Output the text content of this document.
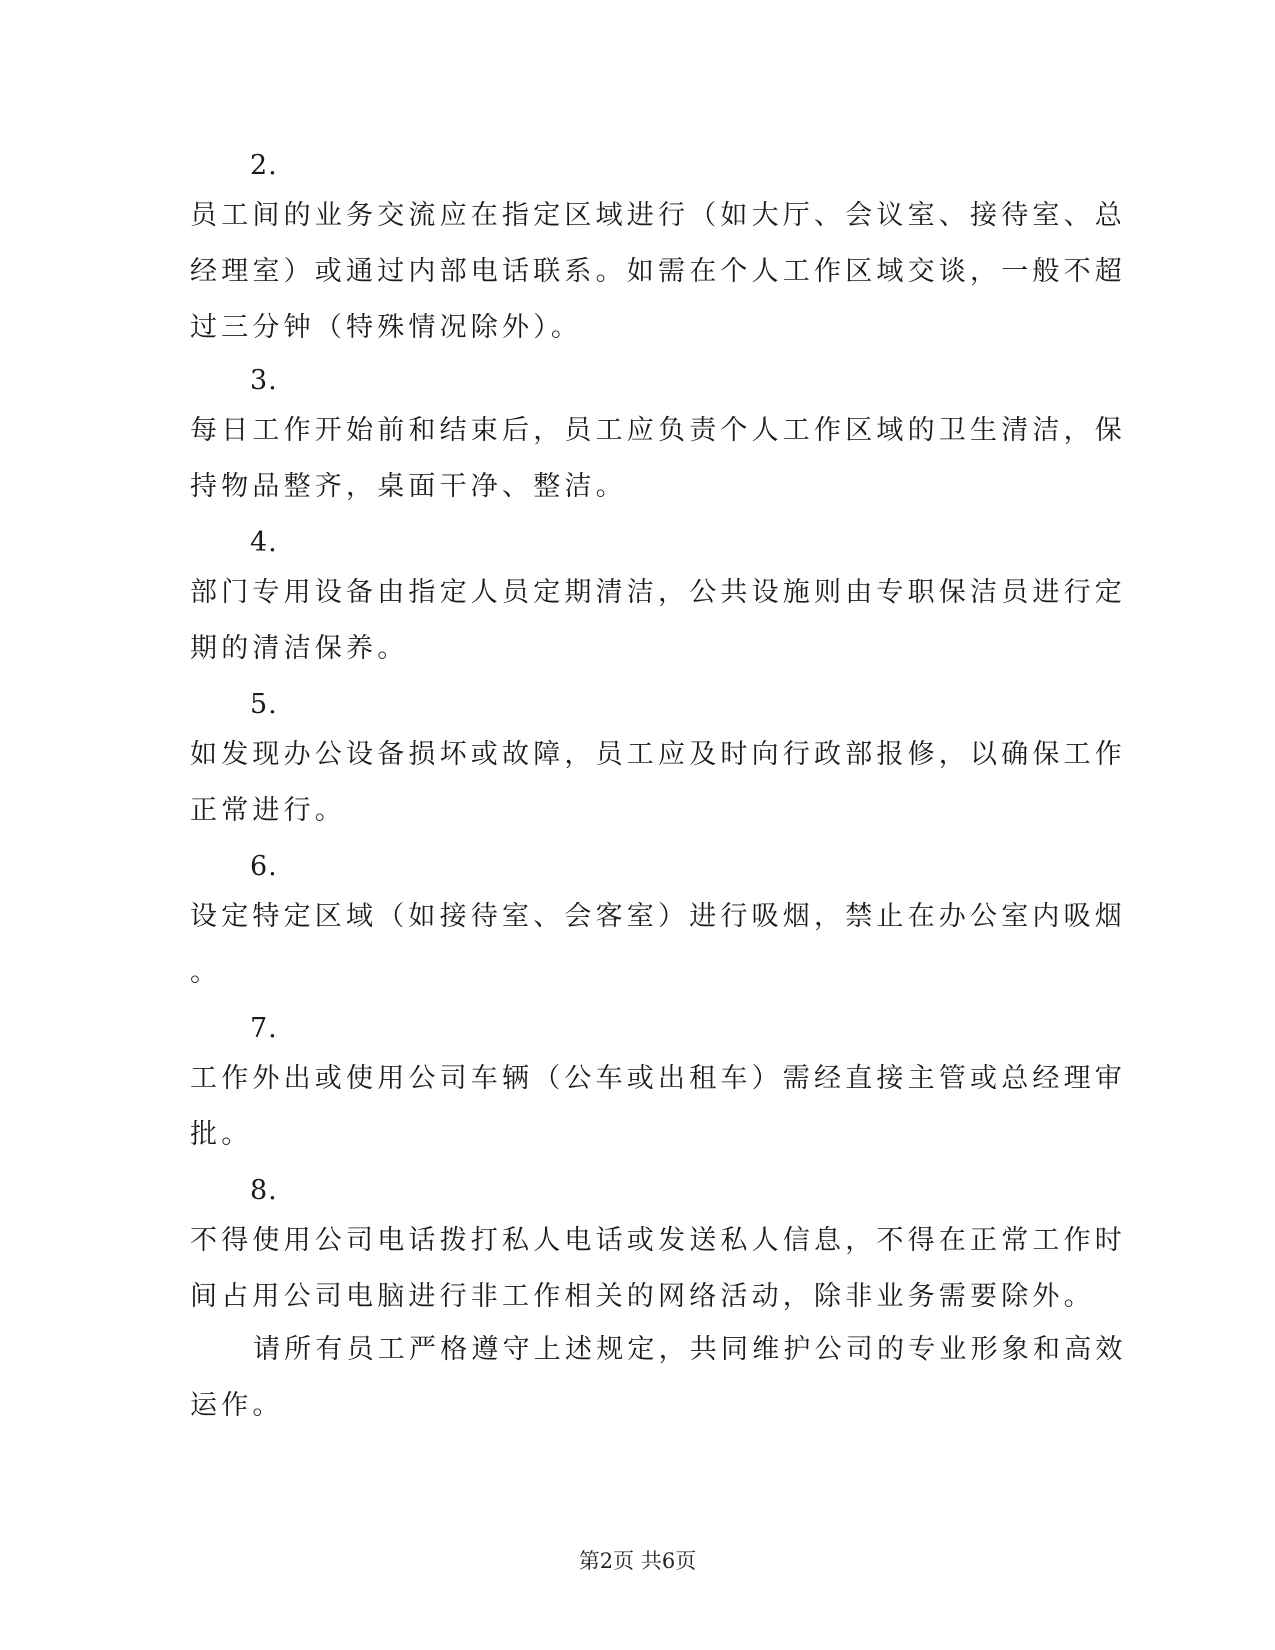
2.
员工间的业务交流应在指定区域进行（如大厅、会议室、接待室、总
经理室）或通过内部电话联系。如需在个人工作区域交谈，一般不超
过三分钟（特殊情况除外）。
3.
每日工作开始前和结束后，员工应负责个人工作区域的卫生清洁，保
持物品整齐，桌面干净、整洁。
4.
部门专用设备由指定人员定期清洁，公共设施则由专职保洁员进行定
期的清洁保养。
5.
如发现办公设备损坏或故障，员工应及时向行政部报修，以确保工作
正常进行。
6.
设定特定区域（如接待室、会客室）进行吸烟，禁止在办公室内吸烟
。
7.
工作外出或使用公司车辆（公车或出租车）需经直接主管或总经理审
批。
8.
不得使用公司电话拨打私人电话或发送私人信息，不得在正常工作时
间占用公司电脑进行非工作相关的网络活动，除非业务需要除外。
请所有员工严格遵守上述规定，共同维护公司的专业形象和高效
运作。
第2页 共6页
